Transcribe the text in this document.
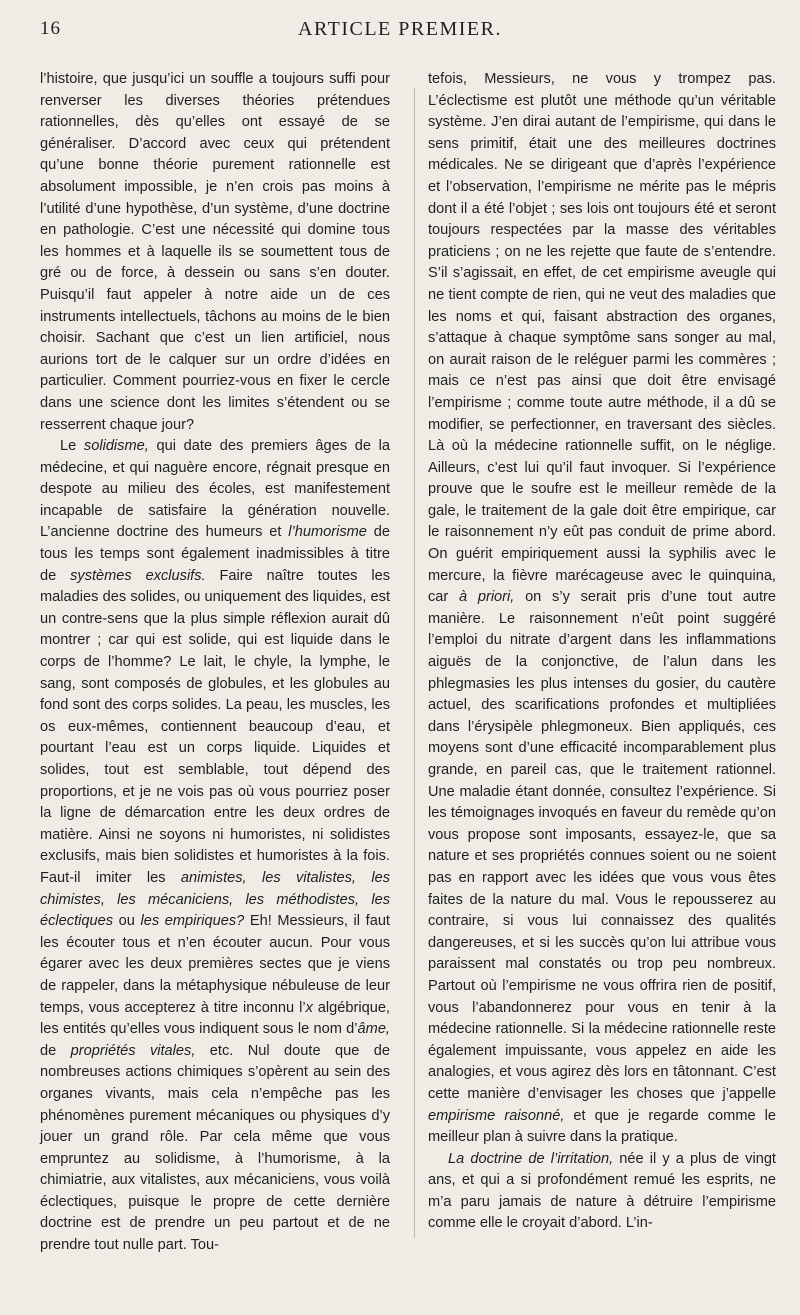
16	ARTICLE PREMIER.

l’histoire, que jusqu’ici un souffle a toujours suffi pour renverser les diverses théories prétendues rationnelles, dès qu’elles ont essayé de se généraliser. D’accord avec ceux qui prétendent qu’une bonne théorie purement rationnelle est absolument impossible, je n’en crois pas moins à l’utilité d’une hypothèse, d’un système, d’une doctrine en pathologie. C’est une nécessité qui domine tous les hommes et à laquelle ils se soumettent tous de gré ou de force, à dessein ou sans s’en douter. Puisqu’il faut appeler à notre aide un de ces instruments intellectuels, tâchons au moins de le bien choisir. Sachant que c’est un lien artificiel, nous aurions tort de le calquer sur un ordre d’idées en particulier. Comment pourriez-vous en fixer le cercle dans une science dont les limites s’étendent ou se resserrent chaque jour?

Le solidisme, qui date des premiers âges de la médecine, et qui naguère encore, régnait presque en despote au milieu des écoles, est manifestement incapable de satisfaire la génération nouvelle. L’ancienne doctrine des humeurs et l’humorisme de tous les temps sont également inadmissibles à titre de systèmes exclusifs. Faire naître toutes les maladies des solides, ou uniquement des liquides, est un contre-sens que la plus simple réflexion aurait dû montrer ; car qui est solide, qui est liquide dans le corps de l’homme? Le lait, le chyle, la lymphe, le sang, sont composés de globules, et les globules au fond sont des corps solides. La peau, les muscles, les os eux-mêmes, contiennent beaucoup d’eau, et pourtant l’eau est un corps liquide. Liquides et solides, tout est semblable, tout dépend des proportions, et je ne vois pas où vous pourriez poser la ligne de démarcation entre les deux ordres de matière. Ainsi ne soyons ni humoristes, ni solidistes exclusifs, mais bien solidistes et humoristes à la fois. Faut-il imiter les animistes, les vitalistes, les chimistes, les mécaniciens, les méthodistes, les éclectiques ou les empiriques? Eh! Messieurs, il faut les écouter tous et n’en écouter aucun. Pour vous égarer avec les deux premières sectes que je viens de rappeler, dans la métaphysique nébuleuse de leur temps, vous accepterez à titre inconnu l’x algébrique, les entités qu’elles vous indiquent sous le nom d’âme, de propriétés vitales, etc. Nul doute que de nombreuses actions chimiques s’opèrent au sein des organes vivants, mais cela n’empêche pas les phénomènes purement mécaniques ou physiques d’y jouer un grand rôle. Par cela même que vous empruntez au solidisme, à l’humorisme, à la chimiatrie, aux vitalistes, aux mécaniciens, vous voilà éclectiques, puisque le propre de cette dernière doctrine est de prendre un peu partout et de ne prendre tout nulle part. Tou-

tefois, Messieurs, ne vous y trompez pas. L’éclectisme est plutôt une méthode qu’un véritable système. J’en dirai autant de l’empirisme, qui dans le sens primitif, était une des meilleures doctrines médicales. Ne se dirigeant que d’après l’expérience et l’observation, l’empirisme ne mérite pas le mépris dont il a été l’objet ; ses lois ont toujours été et seront toujours respectées par la masse des véritables praticiens ; on ne les rejette que faute de s’entendre. S’il s’agissait, en effet, de cet empirisme aveugle qui ne tient compte de rien, qui ne veut des maladies que les noms et qui, faisant abstraction des organes, s’attaque à chaque symptôme sans songer au mal, on aurait raison de le reléguer parmi les commères ; mais ce n’est pas ainsi que doit être envisagé l’empirisme ; comme toute autre méthode, il a dû se modifier, se perfectionner, en traversant des siècles. Là où la médecine rationnelle suffit, on le néglige. Ailleurs, c’est lui qu’il faut invoquer. Si l’expérience prouve que le soufre est le meilleur remède de la gale, le traitement de la gale doit être empirique, car le raisonnement n’y eût pas conduit de prime abord. On guérit empiriquement aussi la syphilis avec le mercure, la fièvre marécageuse avec le quinquina, car à priori, on s’y serait pris d’une tout autre manière. Le raisonnement n’eût point suggéré l’emploi du nitrate d’argent dans les inflammations aiguës de la conjonctive, de l’alun dans les phlegmasies les plus intenses du gosier, du cautère actuel, des scarifications profondes et multipliées dans l’érysipèle phlegmoneux. Bien appliqués, ces moyens sont d’une efficacité incomparablement plus grande, en pareil cas, que le traitement rationnel. Une maladie étant donnée, consultez l’expérience. Si les témoignages invoqués en faveur du remède qu’on vous propose sont imposants, essayez-le, que sa nature et ses propriétés connues soient ou ne soient pas en rapport avec les idées que vous vous êtes faites de la nature du mal. Vous le repousserez au contraire, si vous lui connaissez des qualités dangereuses, et si les succès qu’on lui attribue vous paraissent mal constatés ou trop peu nombreux. Partout où l’empirisme ne vous offrira rien de positif, vous l’abandonnerez pour vous en tenir à la médecine rationnelle. Si la médecine rationnelle reste également impuissante, vous appelez en aide les analogies, et vous agirez dès lors en tâtonnant. C’est cette manière d’envisager les choses que j’appelle empirisme raisonné, et que je regarde comme le meilleur plan à suivre dans la pratique.

La doctrine de l’irritation, née il y a plus de vingt ans, et qui a si profondément remué les esprits, ne m’a paru jamais de nature à détruire l’empirisme comme elle le croyait d’abord. L’in-
